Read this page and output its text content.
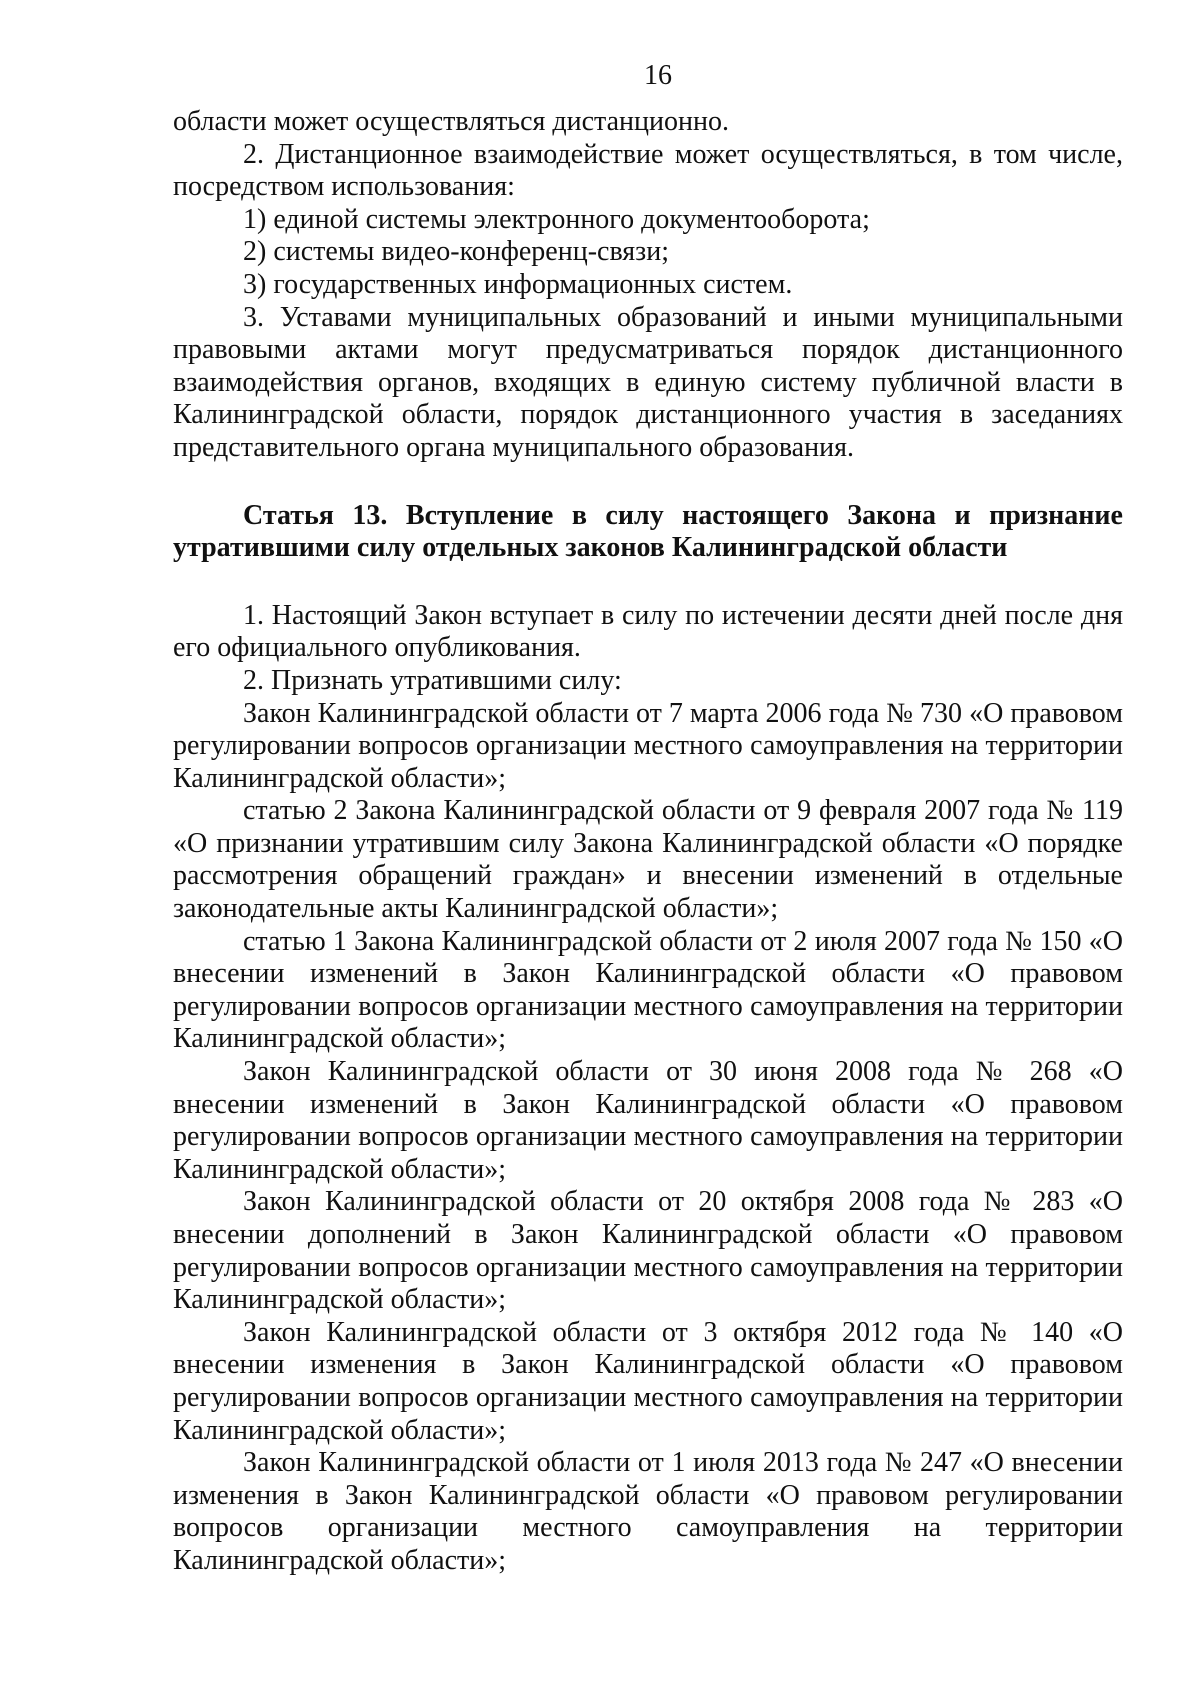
16

области может осуществляться дистанционно.

2. Дистанционное взаимодействие может осуществляться, в том числе, посредством использования:

1) единой системы электронного документооборота;

2) системы видео-конференц-связи;

3) государственных информационных систем.

3. Уставами муниципальных образований и иными муниципальными правовыми актами могут предусматриваться порядок дистанционного взаимодействия органов, входящих в единую систему публичной власти в Калининградской области, порядок дистанционного участия в заседаниях представительного органа муниципального образования.

Статья 13. Вступление в силу настоящего Закона и признание утратившими силу отдельных законов Калининградской области

1. Настоящий Закон вступает в силу по истечении десяти дней после дня его официального опубликования.

2. Признать утратившими силу:

Закон Калининградской области от 7 марта 2006 года № 730 «О правовом регулировании вопросов организации местного самоуправления на территории Калининградской области»;

статью 2 Закона Калининградской области от 9 февраля 2007 года № 119 «О признании утратившим силу Закона Калининградской области «О порядке рассмотрения обращений граждан» и внесении изменений в отдельные законодательные акты Калининградской области»;

статью 1 Закона Калининградской области от 2 июля 2007 года № 150 «О внесении изменений в Закон Калининградской области «О правовом регулировании вопросов организации местного самоуправления на территории Калининградской области»;

Закон Калининградской области от 30 июня 2008 года № 268 «О внесении изменений в Закон Калининградской области «О правовом регулировании вопросов организации местного самоуправления на территории Калининградской области»;

Закон Калининградской области от 20 октября 2008 года № 283 «О внесении дополнений в Закон Калининградской области «О правовом регулировании вопросов организации местного самоуправления на территории Калининградской области»;

Закон Калининградской области от 3 октября 2012 года № 140 «О внесении изменения в Закон Калининградской области «О правовом регулировании вопросов организации местного самоуправления на территории Калининградской области»;

Закон Калининградской области от 1 июля 2013 года № 247 «О внесении изменения в Закон Калининградской области «О правовом регулировании вопросов организации местного самоуправления на территории Калининградской области»;
